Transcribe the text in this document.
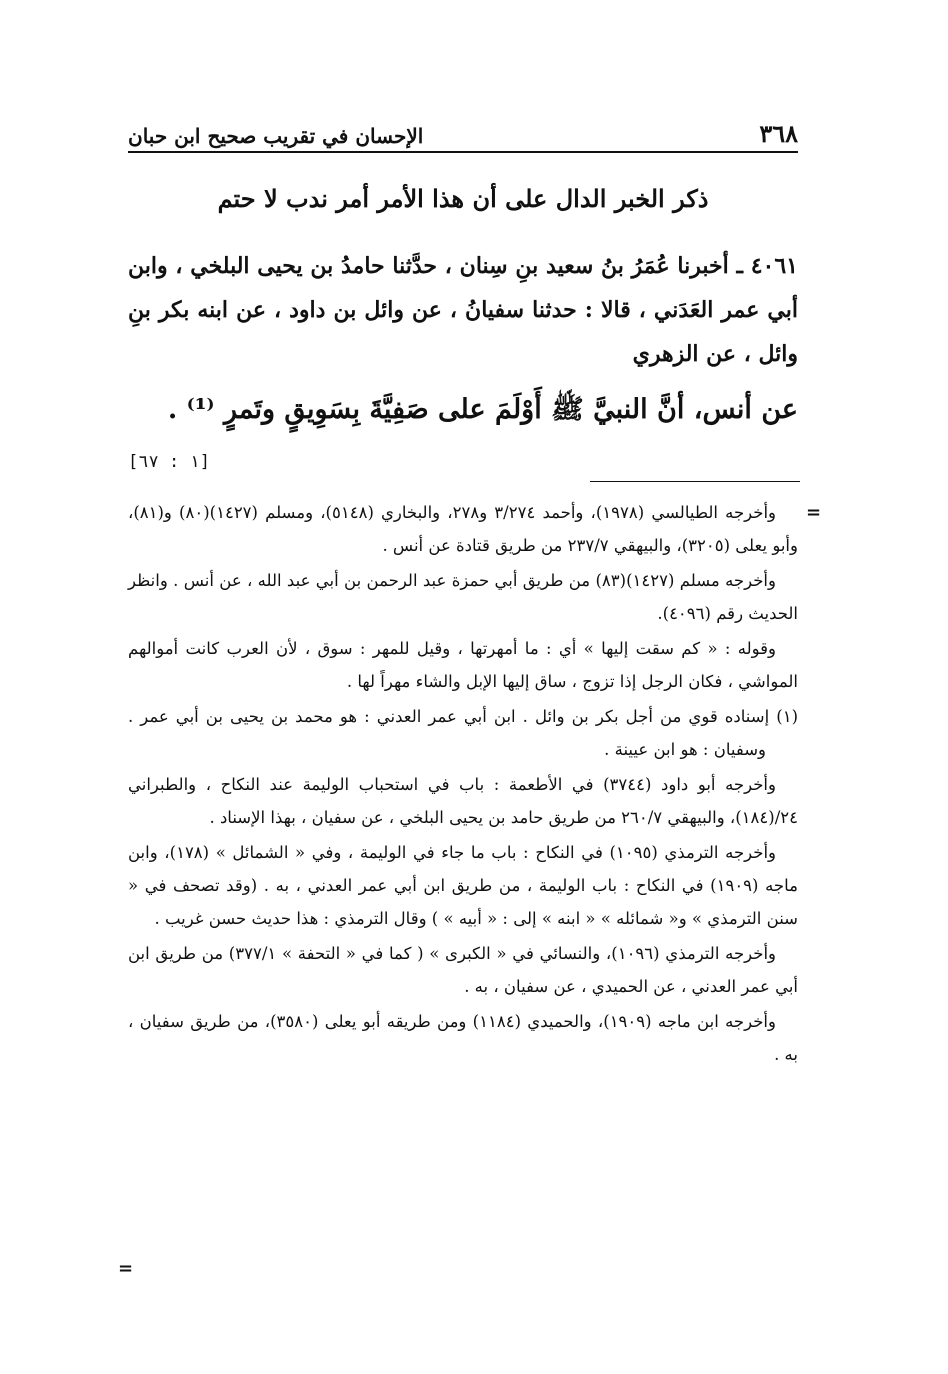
٣٦٨
الإحسان في تقريب صحيح ابن حبان
ذكر الخبر الدال على أن هذا الأمر أمر ندب لا حتم
٤٠٦١ ـ أخبرنا عُمَرُ بنُ سعيد بنِ سِنان ، حدَّثنا حامدُ بن يحيى البلخي ، وابن أبي عمر العَدَني ، قالا : حدثنا سفيانُ ، عن وائل بن داود ، عن ابنه بكر بنِ وائل ، عن الزهري
عن أنس، أنَّ النبيَّ ﷺ أَوْلَمَ على صَفِيَّةَ بِسَوِيقٍ وتَمرٍ ⁽¹⁾ .
[١ : ٦٧]
=

وأخرجه الطيالسي (١٩٧٨)، وأحمد ٣/٢٧٤ و٢٧٨، والبخاري (٥١٤٨)، ومسلم (١٤٢٧)(٨٠) و(٨١)، وأبو يعلى (٣٢٠٥)، والبيهقي ٢٣٧/٧ من طريق قتادة عن أنس .

وأخرجه مسلم (١٤٢٧)(٨٣) من طريق أبي حمزة عبد الرحمن بن أبي عبد الله ، عن أنس . وانظر الحديث رقم (٤٠٩٦).

وقوله : « كم سقت إليها » أي : ما أمهرتها ، وقيل للمهر : سوق ، لأن العرب كانت أموالهم المواشي ، فكان الرجل إذا تزوج ، ساق إليها الإبل والشاء مهراً لها .

(١) إسناده قوي من أجل بكر بن وائل . ابن أبي عمر العدني : هو محمد بن يحيى بن أبي عمر . وسفيان : هو ابن عيينة .

وأخرجه أبو داود (٣٧٤٤) في الأطعمة : باب في استحباب الوليمة عند النكاح ، والطبراني ٢٤/(١٨٤)، والبيهقي ٢٦٠/٧ من طريق حامد بن يحيى البلخي ، عن سفيان ، بهذا الإسناد .

وأخرجه الترمذي (١٠٩٥) في النكاح : باب ما جاء في الوليمة ، وفي « الشمائل » (١٧٨)، وابن ماجه (١٩٠٩) في النكاح : باب الوليمة ، من طريق ابن أبي عمر العدني ، به . (وقد تصحف في « سنن الترمذي » و« شمائله » « ابنه » إلى : « أبيه » ) وقال الترمذي : هذا حديث حسن غريب .

وأخرجه الترمذي (١٠٩٦)، والنسائي في « الكبرى » ( كما في « التحفة » ٣٧٧/١) من طريق ابن أبي عمر العدني ، عن الحميدي ، عن سفيان ، به .

وأخرجه ابن ماجه (١٩٠٩)، والحميدي (١١٨٤) ومن طريقه أبو يعلى (٣٥٨٠)، من طريق سفيان ، به .

=
